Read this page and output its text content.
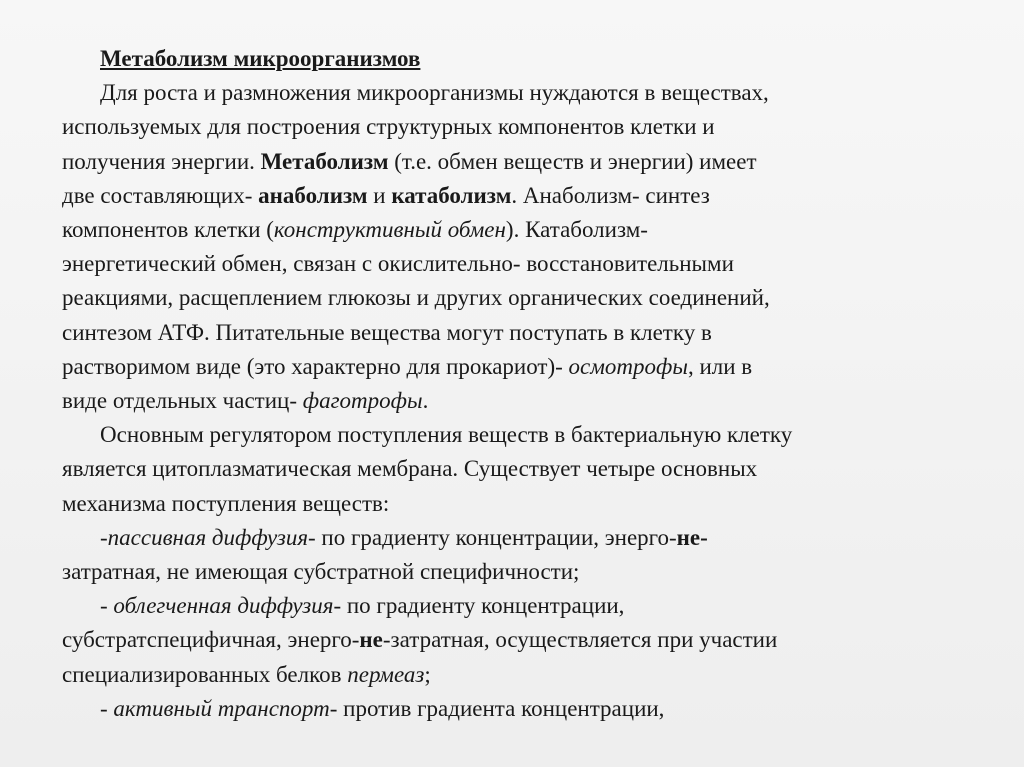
Метаболизм микроорганизмов
Для роста и размножения микроорганизмы нуждаются в веществах,
используемых для построения структурных компонентов клетки и
получения энергии. Метаболизм (т.е. обмен веществ и энергии) имеет
две составляющих- анаболизм и катаболизм. Анаболизм- синтез
компонентов клетки (конструктивный обмен). Катаболизм-
энергетический обмен, связан с окислительно- восстановительными
реакциями, расщеплением глюкозы и других органических соединений,
синтезом АТФ. Питательные вещества могут поступать в клетку в
растворимом виде (это характерно для прокариот)- осмотрофы, или в
виде отдельных частиц- фаготрофы.
Основным регулятором поступления веществ в бактериальную клетку
является цитоплазматическая мембрана. Существует четыре основных
механизма поступления веществ:
-пассивная диффузия- по градиенту концентрации, энерго-не-
затратная, не имеющая субстратной специфичности;
- облегченная диффузия- по градиенту концентрации,
субстратспецифичная, энерго-не-затратная, осуществляется при участии
специализированных белков пермеаз;
- активный транспорт- против градиента концентрации,
